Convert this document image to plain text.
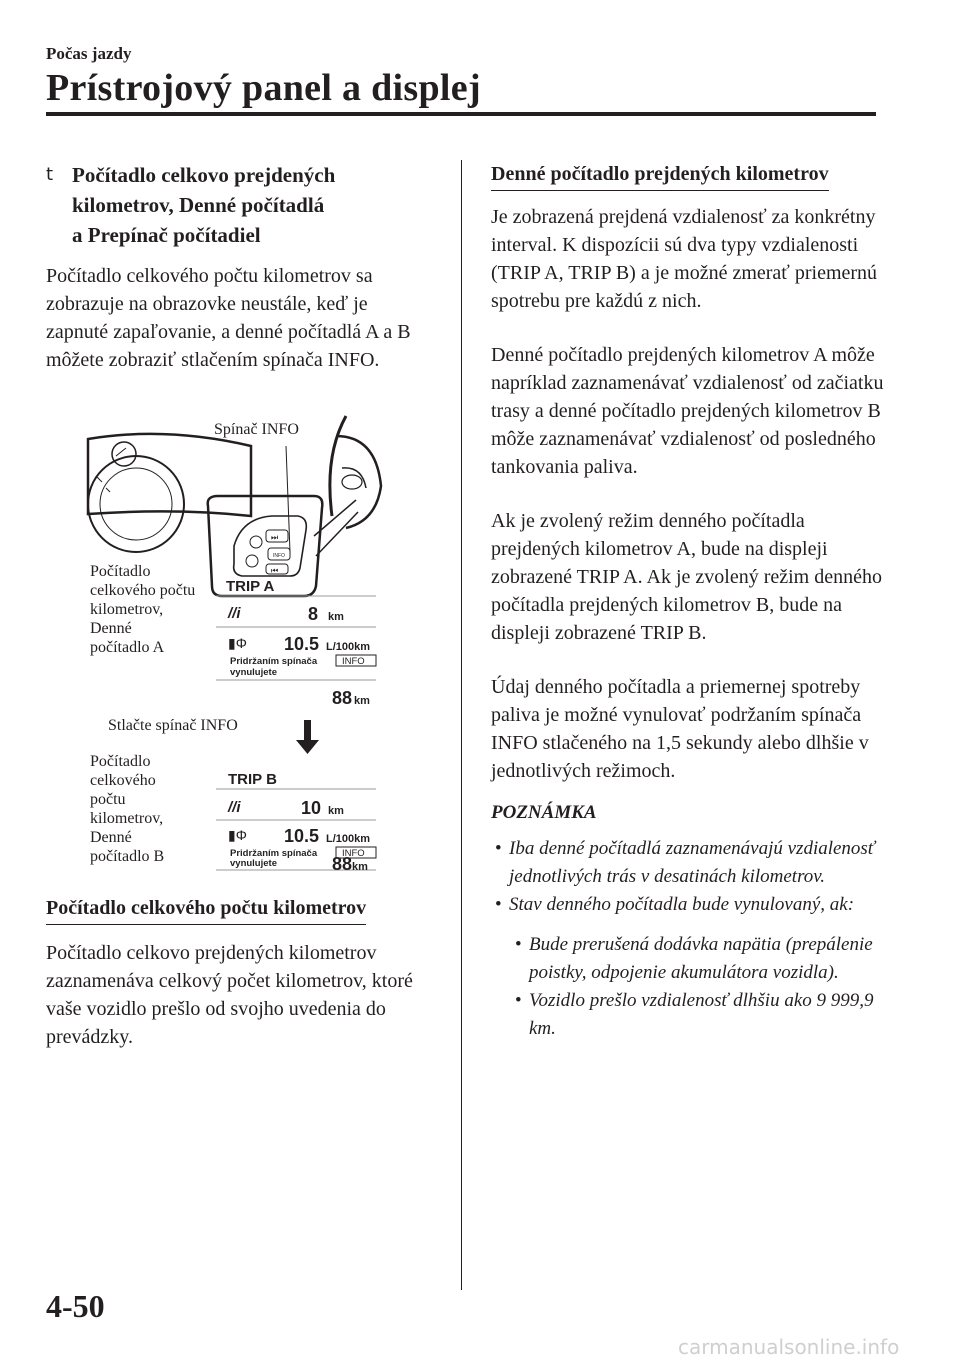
Počas jazdy
Prístrojový panel a displej
t Počítadlo celkovo prejdených
kilometrov, Denné počítadlá
a Prepínač počítadiel

Počítadlo celkového počtu kilometrov sa zobrazuje na obrazovke neustále, keď je zapnuté zapaľovanie, a denné počítadlá A a B môžete zobraziť stlačením spínača INFO.

INFO
⏭
⏮
Spínač INFO
TRIP A
//i	8 km
▮Φ 10.5 L/100km
Pridržaním spínača	INFO
vynulujete
88 km
TRIP B
//i	10 km
▮Φ 10.5 L/100km
Pridržaním spínača	INFO
vynulujete
Počítadlo
celkového počtu
kilometrov,
Denné
počítadlo A
Stlačte spínač INFO
Počítadlo
celkového
počtu
kilometrov,
Denné
počítadlo B	88km
Počítadlo celkového počtu kilometrov

Počítadlo celkovo prejdených kilometrov zaznamenáva celkový počet kilometrov, ktoré vaše vozidlo prešlo od svojho uvedenia do prevádzky.

Denné počítadlo prejdených kilometrov

Je zobrazená prejdená vzdialenosť za konkrétny interval. K dispozícii sú dva typy vzdialenosti (TRIP A, TRIP B) a je možné zmerať priemernú spotrebu pre každú z nich.

Denné počítadlo prejdených kilometrov A môže napríklad zaznamenávať vzdialenosť od začiatku trasy a denné počítadlo prejdených kilometrov B môže zaznamenávať vzdialenosť od posledného tankovania paliva.

Ak je zvolený režim denného počítadla prejdených kilometrov A, bude na displeji zobrazené TRIP A. Ak je zvolený režim denného počítadla prejdených kilometrov B, bude na displeji zobrazené TRIP B.

Údaj denného počítadla a priemernej spotreby paliva je možné vynulovať podržaním spínača INFO stlačeného na 1,5 sekundy alebo dlhšie v jednotlivých režimoch.

POZNÁMKA
• Iba denné počítadlá zaznamenávajú vzdialenosť jednotlivých trás v desatinách kilometrov.
• Stav denného počítadla bude vynulovaný, ak:
• Bude prerušená dodávka napätia (prepálenie poistky, odpojenie akumulátora vozidla).
• Vozidlo prešlo vzdialenosť dlhšiu ako 9 999,9 km.
4-50
carmanualsonline.info
